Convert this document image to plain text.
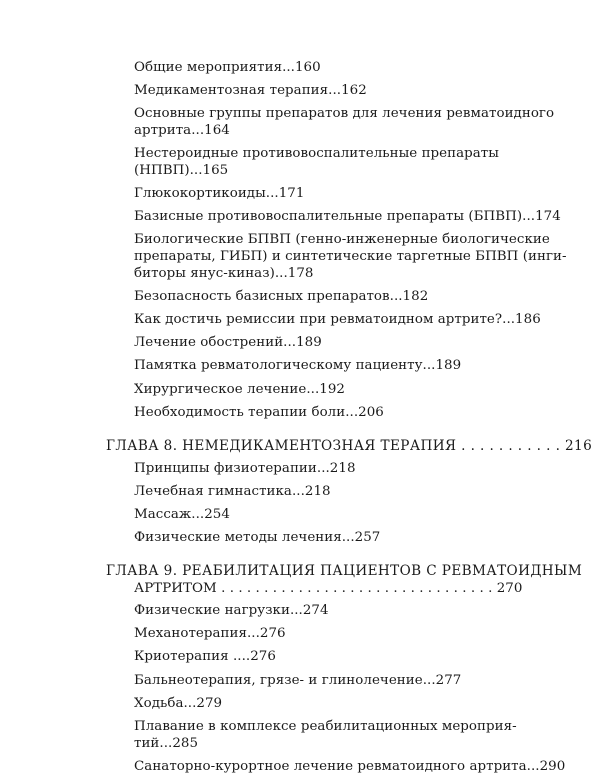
Общие мероприятия...160
Медикаментозная терапия...162
Основные группы препаратов для лечения ревматоидного
артрита...164
Нестероидные противовоспалительные препараты
(НПВП)...165
Глюкокортикоиды...171
Базисные противовоспалительные препараты (БПВП)...174
Биологические БПВП (генно-инженерные биологические
препараты, ГИБП) и синтетические таргетные БПВП (инги-
биторы янус-киназ)...178
Безопасность базисных препаратов...182
Как достичь ремиссии при ревматоидном артрите?...186
Лечение обострений...189
Памятка ревматологическому пациенту...189
Хирургическое лечение...192
Необходимость терапии боли...206
ГЛАВА 8. НЕМЕДИКАМЕНТОЗНАЯ ТЕРАПИЯ . . . . . . . . . . . 216
Принципы физиотерапии...218
Лечебная гимнастика...218
Массаж...254
Физические методы лечения...257
ГЛАВА 9. РЕАБИЛИТАЦИЯ ПАЦИЕНТОВ С РЕВМАТОИДНЫМ
АРТРИТОМ . . . . . . . . . . . . . . . . . . . . . . . . . . . . . . . . 270
Физические нагрузки...274
Механотерапия...276
Криотерапия ....276
Бальнеотерапия, грязе- и глинолечение...277
Ходьба...279
Плавание в комплексе реабилитационных мероприя-
тий...285
Санаторно-курортное лечение ревматоидного артрита...290
